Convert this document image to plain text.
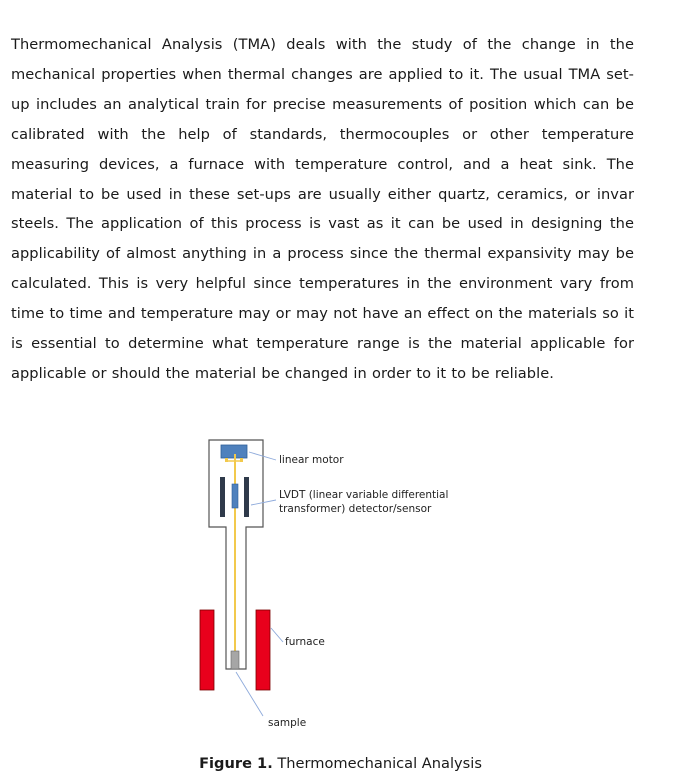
Thermomechanical Analysis (TMA) deals with the study of the change in the mechanical properties when thermal changes are applied to it. The usual TMA set-up includes an analytical train for precise measurements of position which can be calibrated with the help of standards, thermocouples or other temperature measuring devices, a furnace with temperature control, and a heat sink. The material to be used in these set-ups are usually either quartz, ceramics, or invar steels. The application of this process is vast as it can be used in designing the applicability of almost anything in a process since the thermal expansivity may be calculated. This is very helpful since temperatures in the environment vary from time to time and temperature may or may not have an effect on the materials so it is essential to determine what temperature range is the material applicable for applicable or should the material be changed in order to it to be reliable.

linear motor
LVDT (linear variable differential
transformer) detector/sensor
furnace
sample

Figure 1. Thermomechanical Analysis
